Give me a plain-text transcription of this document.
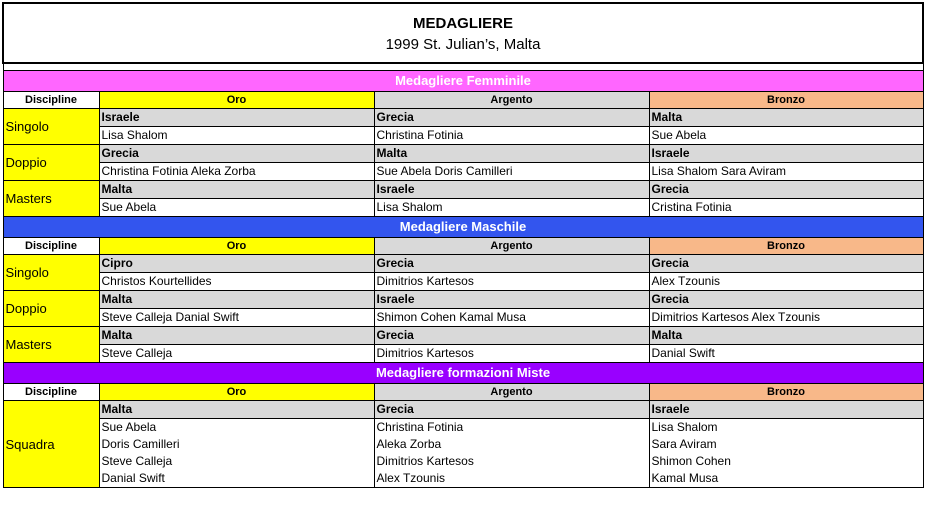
MEDAGLIERE
1999 St. Julian’s, Malta			

Medagliere Femminile			
Discipline	Oro	Argento	Bronzo
Singolo	Israele	Grecia	Malta
	Lisa Shalom	Christina Fotinia	Sue Abela
Doppio	Grecia	Malta	Israele
	Christina Fotinia Aleka Zorba	Sue Abela Doris Camilleri	Lisa Shalom Sara Aviram
Masters	Malta	Israele	Grecia
	Sue Abela	Lisa Shalom	Cristina Fotinia
Medagliere Maschile			
Discipline	Oro	Argento	Bronzo
Singolo	Cipro	Grecia	Grecia
	Christos Kourtellides	Dimitrios Kartesos	Alex Tzounis
Doppio	Malta	Israele	Grecia
	Steve Calleja Danial Swift	Shimon Cohen Kamal Musa	Dimitrios Kartesos Alex Tzounis
Masters	Malta	Grecia	Malta
	Steve Calleja	Dimitrios Kartesos	Danial Swift
Medagliere formazioni Miste			
Discipline	Oro	Argento	Bronzo
Squadra	Malta	Grecia	Israele
	Sue Abela	Christina Fotinia	Lisa Shalom
	Doris Camilleri	Aleka Zorba	Sara Aviram
	Steve Calleja	Dimitrios Kartesos	Shimon Cohen
	Danial Swift	Alex Tzounis	Kamal Musa
